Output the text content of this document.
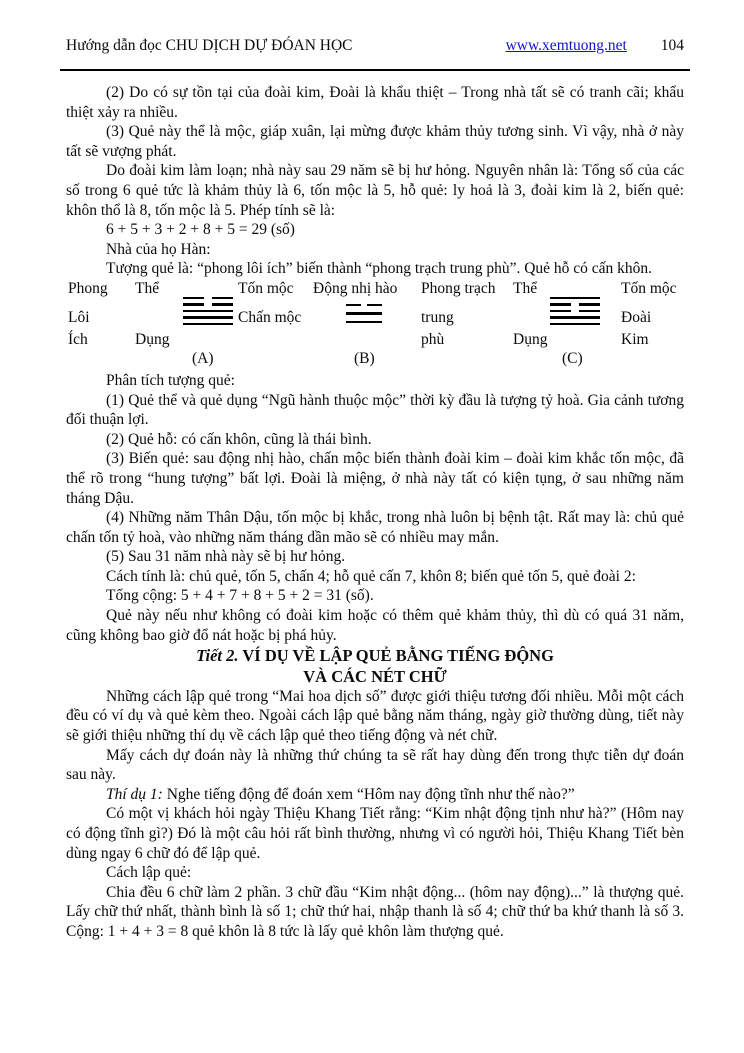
Hướng dẫn đọc CHU DỊCH DỰ ĐÓAN HỌC	www.xemtuong.net 104

(2) Do có sự tồn tại của đoài kim, Đoài là khẩu thiệt – Trong nhà tất sẽ có tranh cãi; khẩu thiệt xảy ra nhiều.

(3) Quẻ này thể là mộc, giáp xuân, lại mừng được khảm thủy tương sinh. Vì vậy, nhà ở này tất sẽ vượng phát.

Do đoài kim làm loạn; nhà này sau 29 năm sẽ bị hư hỏng. Nguyên nhân là: Tổng số của các số trong 6 quẻ tức là khảm thủy là 6, tốn mộc là 5, hỗ quẻ: ly hoả là 3, đoài kim là 2, biến quẻ: khôn thổ là 8, tốn mộc là 5. Phép tính sẽ là:

6 + 5 + 3 + 2 + 8 + 5 = 29 (số)

Nhà của họ Hàn:

Tượng quẻ là: “phong lôi ích” biến thành “phong trạch trung phù”. Quẻ hỗ có cấn khôn.

Phong
Lôi
Ích
Thể
Dụng
(A)
Tốn mộc
Chấn mộc
Động nhị hào
(B)
Phong trạch
trung
phù
Thể
Dụng
(C)
Tốn mộc
Đoài
Kim

Phân tích tượng quẻ:

(1) Quẻ thể và quẻ dụng “Ngũ hành thuộc mộc” thời kỳ đầu là tượng tỷ hoà. Gia cảnh tương đối thuận lợi.

(2) Quẻ hỗ: có cấn khôn, cũng là thái bình.

(3) Biến quẻ: sau động nhị hào, chấn mộc biến thành đoài kim – đoài kim khắc tốn mộc, đã thể rõ trong “hung tượng” bất lợi. Đoài là miệng, ở nhà này tất có kiện tụng, ở sau những năm tháng Dậu.

(4) Những năm Thân Dậu, tốn mộc bị khắc, trong nhà luôn bị bệnh tật. Rất may là: chủ quẻ chấn tốn tỷ hoà, vào những năm tháng dần mão sẽ có nhiều may mắn.

(5) Sau 31 năm nhà này sẽ bị hư hỏng.

Cách tính là: chủ quẻ, tốn 5, chấn 4; hỗ quẻ cấn 7, khôn 8; biến quẻ tốn 5, quẻ đoài 2:

Tổng cộng: 5 + 4 + 7 + 8 + 5 + 2 = 31 (số).

Quẻ này nếu như không có đoài kim hoặc có thêm quẻ khảm thủy, thì dù có quá 31 năm, cũng không bao giờ đổ nát hoặc bị phá hủy.

Tiết 2. VÍ DỤ VỀ LẬP QUẺ BẰNG TIẾNG ĐỘNG

VÀ CÁC NÉT CHỮ

Những cách lập quẻ trong “Mai hoa dịch số” được giới thiệu tương đối nhiều. Mỗi một cách đều có ví dụ và quẻ kèm theo. Ngoài cách lập quẻ bằng năm tháng, ngày giờ thường dùng, tiết này sẽ giới thiệu những thí dụ về cách lập quẻ theo tiếng động và nét chữ.

Mấy cách dự đoán này là những thứ chúng ta sẽ rất hay dùng đến trong thực tiễn dự đoán sau này.

Thí dụ 1: Nghe tiếng động để đoán xem “Hôm nay động tĩnh như thế nào?”

Có một vị khách hỏi ngày Thiệu Khang Tiết rằng: “Kim nhật động tịnh như hà?” (Hôm nay có động tĩnh gì?) Đó là một câu hỏi rất bình thường, nhưng vì có người hỏi, Thiệu Khang Tiết bèn dùng ngay 6 chữ đó để lập quẻ.

Cách lập quẻ:

Chia đều 6 chữ làm 2 phần. 3 chữ đầu “Kim nhật động... (hôm nay động)...” là thượng quẻ. Lấy chữ thứ nhất, thành bình là số 1; chữ thứ hai, nhập thanh là số 4; chữ thứ ba khứ thanh là số 3. Cộng: 1 + 4 + 3 = 8 quẻ khôn là 8 tức là lấy quẻ khôn làm thượng quẻ.
